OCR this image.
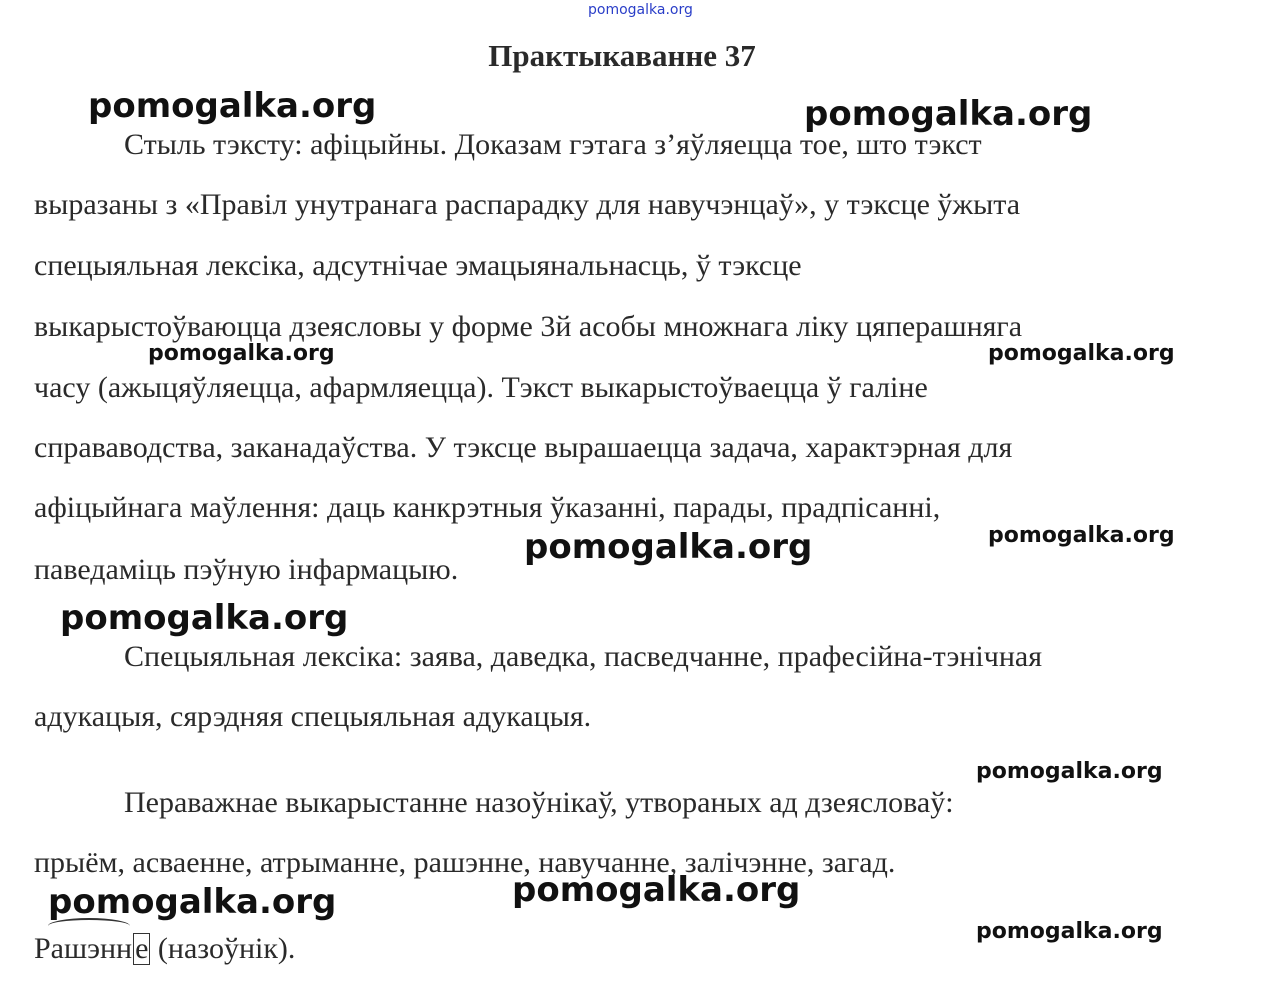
pomogalka.org
Практыкаванне 37
Стыль тэксту: афіцыйны. Доказам гэтага з’яўляецца тое, што тэкст
выразаны з «Правіл унутранага распарадку для навучэнцаў», у тэксце ўжыта
спецыяльная лексіка, адсутнічае эмацыянальнасць, ў тэксце
выкарыстоўваюцца дзеясловы у форме 3й асобы множнага ліку цяперашняга
часу (ажыцяўляецца, афармляецца). Тэкст выкарыстоўваецца ў галіне
справаводства, заканадаўства. У тэксце вырашаецца задача, характэрная для
афіцыйнага маўлення: даць канкрэтныя ўказанні, парады, прадпісанні,
паведаміць пэўную інфармацыю.
Спецыяльная лексіка: заява, даведка, пасведчанне, прафесійна-тэнічная
адукацыя, сярэдняя спецыяльная адукацыя.
Пераважнае выкарыстанне назоўнікаў, утвораных ад дзеясловаў:
прыём, асваенне, атрыманне, рашэнне, навучанне, залічэнне, загад.
Рашэнн е (назоўнік).
pomogalka.org	pomogalka.org
pomogalka.org	pomogalka.org
pomogalka.org	pomogalka.org
pomogalka.org
pomogalka.org
pomogalka.org
pomogalka.org
pomogalka.org
